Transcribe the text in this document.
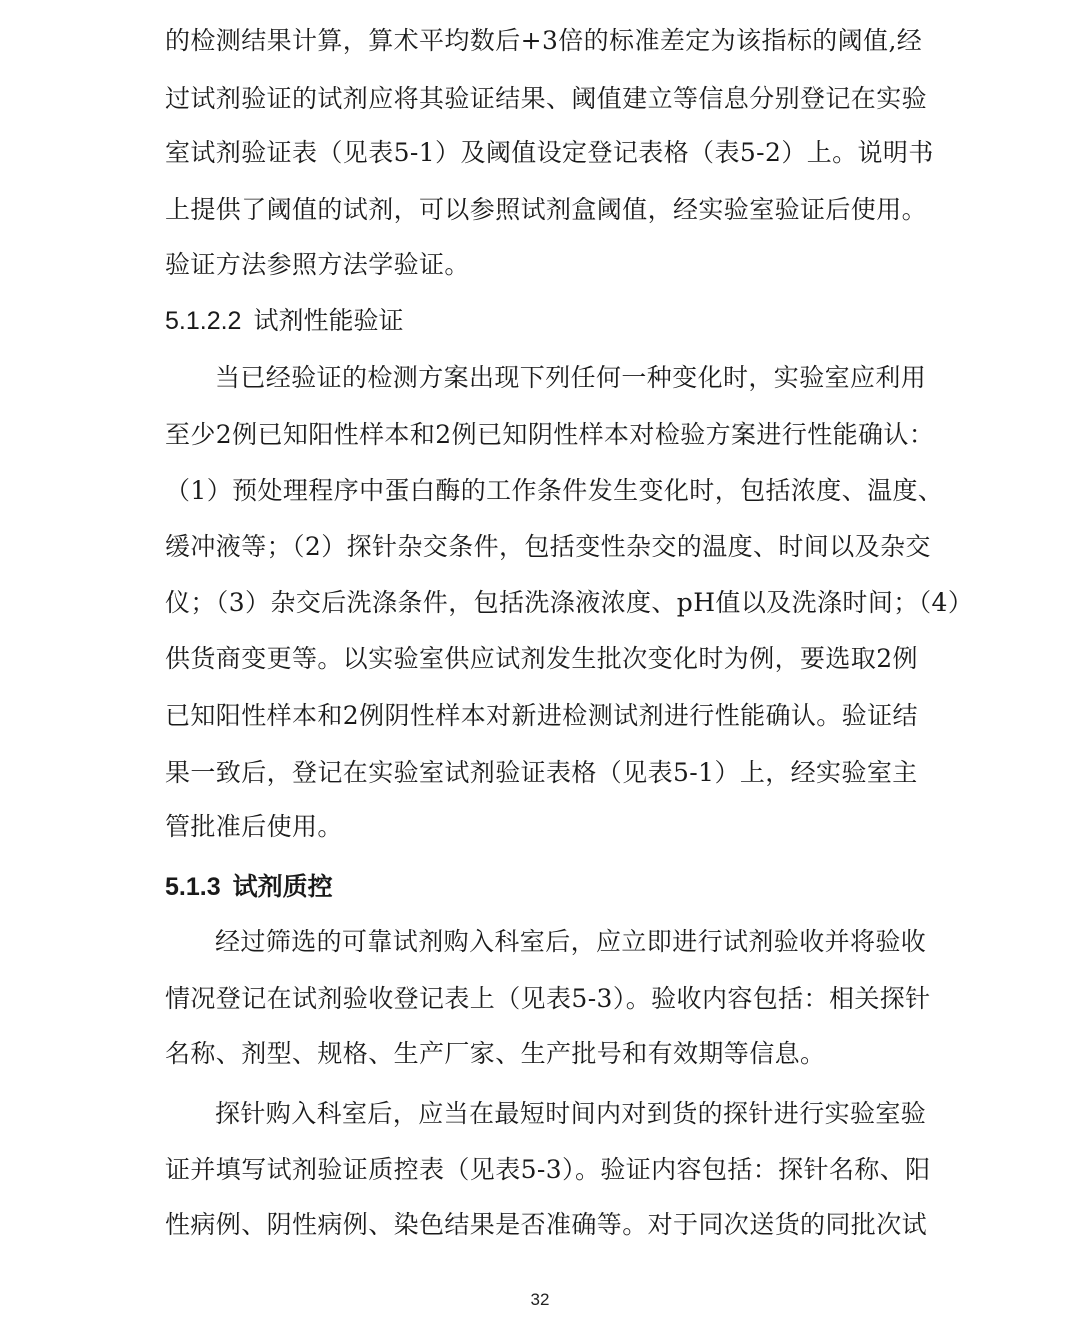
的检测结果计算，算术平均数后+3倍的标准差定为该指标的阈值,经
过试剂验证的试剂应将其验证结果、阈值建立等信息分别登记在实验
室试剂验证表（见表5-1）及阈值设定登记表格（表5-2）上。说明书
上提供了阈值的试剂，可以参照试剂盒阈值，经实验室验证后使用。
验证方法参照方法学验证。
5.1.2.2 试剂性能验证
当已经验证的检测方案出现下列任何一种变化时，实验室应利用
至少2例已知阳性样本和2例已知阴性样本对检验方案进行性能确认：
（1）预处理程序中蛋白酶的工作条件发生变化时，包括浓度、温度、
缓冲液等；（2）探针杂交条件，包括变性杂交的温度、时间以及杂交
仪；（3）杂交后洗涤条件，包括洗涤液浓度、pH值以及洗涤时间；（4）
供货商变更等。以实验室供应试剂发生批次变化时为例，要选取2例
已知阳性样本和2例阴性样本对新进检测试剂进行性能确认。验证结
果一致后，登记在实验室试剂验证表格（见表5-1）上，经实验室主
管批准后使用。
5.1.3 试剂质控
经过筛选的可靠试剂购入科室后，应立即进行试剂验收并将验收
情况登记在试剂验收登记表上（见表5-3）。验收内容包括：相关探针
名称、剂型、规格、生产厂家、生产批号和有效期等信息。
探针购入科室后，应当在最短时间内对到货的探针进行实验室验
证并填写试剂验证质控表（见表5-3）。验证内容包括：探针名称、阳
性病例、阴性病例、染色结果是否准确等。对于同次送货的同批次试
32
